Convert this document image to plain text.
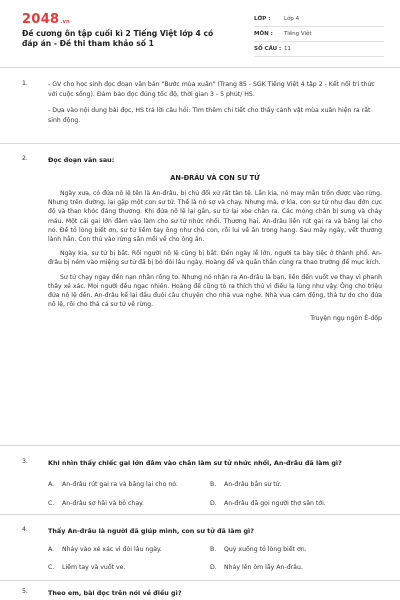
2048.vn
Đề cương ôn tập cuối kì 2 Tiếng Việt lớp 4 có đáp án - Đề thi tham khảo số 1
LỚP :	Lớp 4
MÔN :	Tiếng Việt
SỐ CÂU : 11
1.	- GV cho học sinh đọc đoạn văn bản "Bước mùa xuân" (Trang 85 - SGK Tiếng Việt 4 tập 2 - Kết nối tri thức với cuộc sống). Đảm bảo đọc đúng tốc độ, thời gian 3 - 5 phút/ HS.

- Dựa vào nội dung bài đọc, HS trả lời câu hỏi: Tìm thêm chi tiết cho thấy cảnh vật mùa xuân hiện ra rất sinh động.

2.	Đọc đoạn văn sau:

AN-ĐRÂU VÀ CON SƯ TỬ

Ngày xưa, có đứa nô lệ tên là An-đrâu, bị chủ đối xử rất tàn tệ. Lần kia, nó may mắn trốn được vào rừng. Nhưng trên đường, lại gặp một con sư tử. Thế là nó sợ và chạy. Nhưng mà, ơ kìa, con sư tử như đau đớn cực độ và than khóc đáng thương. Khi đứa nô lệ lại gần, sư tử lại xòe chân ra. Các móng chân bị sưng và chảy máu. Một cái gai lớn đâm vào làm cho sư tử nhức nhối. Thương hại, An-đrâu liền rút gai ra và băng lại cho nó. Để tỏ lòng biết ơn, sư tử liếm tay ông như chó con, rồi lui về ấn trong hang. Sau mấy ngày, vết thương lành hẳn. Con thú vào rừng săn mồi về cho ông ăn.

Ngày kia, sư tử bị bắt. Rồi người nô lệ cũng bị bắt. Đến ngày lễ lớn, người ta bày tiệc ở thành phố. An-đrâu bị ném vào miệng sư tử đã bị bỏ đói lâu ngày. Hoàng đế và quần thần cùng ra thao trường để mục kích.

Sư tử chạy ngay đến nạn nhân rống to. Nhưng nó nhận ra An-đrâu là bạn, liền đến vuốt ve thay vì phanh thây xé xác. Mọi người đều ngạc nhiên. Hoàng đế cũng tò ra thích thú vì điều lạ lùng như vậy. Ông cho triệu đứa nô lệ đến. An-đrâu kể lại đầu đuôi câu chuyện cho nhà vua nghe. Nhà vua cảm động, thả tự do cho đứa nô lệ, rồi cho thả cả sư tử về rừng.

Truyện ngụ ngôn Ê-dốp

3.	Khi nhìn thấy chiếc gai lớn đâm vào chân làm sư tử nhức nhối, An-đrâu đã làm gì?

A. An-đrâu rút gai ra và băng lại cho nó.	B. An-đrâu bắn sư tử.
C. An-đrâu sợ hãi và bỏ chạy.	D. An-đrâu đã gọi người thợ săn tới.
4.	Thấy An-đrâu là người đã giúp mình, con sư tử đã làm gì?

A. Nhảy vào xé xác vì đói lâu ngày.	B. Quỳ xuống tỏ lòng biết ơn.
C. Liếm tay và vuốt ve.	D. Nhảy lên ôm lấy An-đrâu.
5.	Theo em, bài đọc trên nói về điều gì?
